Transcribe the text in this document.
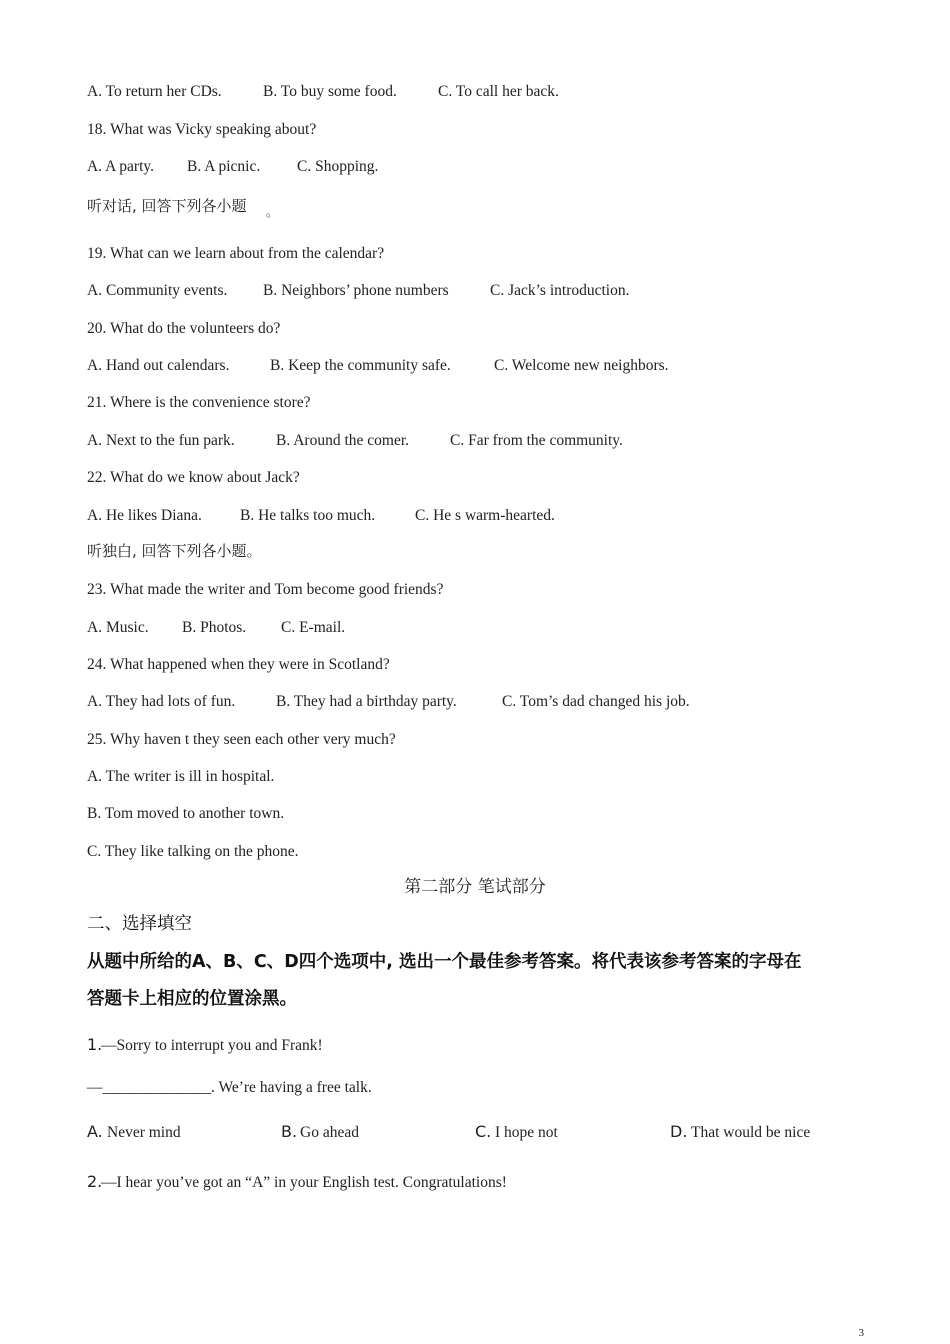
A. To return her CDs.	B. To buy some food.	C. To call her back.
18. What was Vicky speaking about?
A. A party. B. A picnic. C. Shopping.
听对话, 回答下列各小题 。
19. What can we learn about from the calendar?
A. Community events. B. Neighbors’ phone numbers	C. Jack’s introduction.
20. What do the volunteers do?
A. Hand out calendars.	B. Keep the community safe.	C. Welcome new neighbors.
21. Where is the convenience store?
A. Next to the fun park.	B. Around the comer.	C. Far from the community.
22. What do we know about Jack?
A. He likes Diana. B. He talks too much.	C. He s warm-hearted.
听独白, 回答下列各小题。
23. What made the writer and Tom become good friends?
A. Music. B. Photos. C. E-mail.
24. What happened when they were in Scotland?
A. They had lots of fun.	B. They had a birthday party.	C. Tom’s dad changed his job.
25. Why haven t they seen each other very much?
A. The writer is ill in hospital.
B. Tom moved to another town.
C. They like talking on the phone.
第二部分 笔试部分
二、选择填空
从题中所给的A、B、C、D四个选项中, 选出一个最佳参考答案。将代表该参考答案的字母在
答题卡上相应的位置涂黑。
1.
—Sorry to interrupt you and Frank!
—______________. We’re having a free talk.
A. Never mind	B. Go ahead	C. I hope not	D. That would be nice
2.
—I hear you’ve got an “A” in your English test. Congratulations!
3
